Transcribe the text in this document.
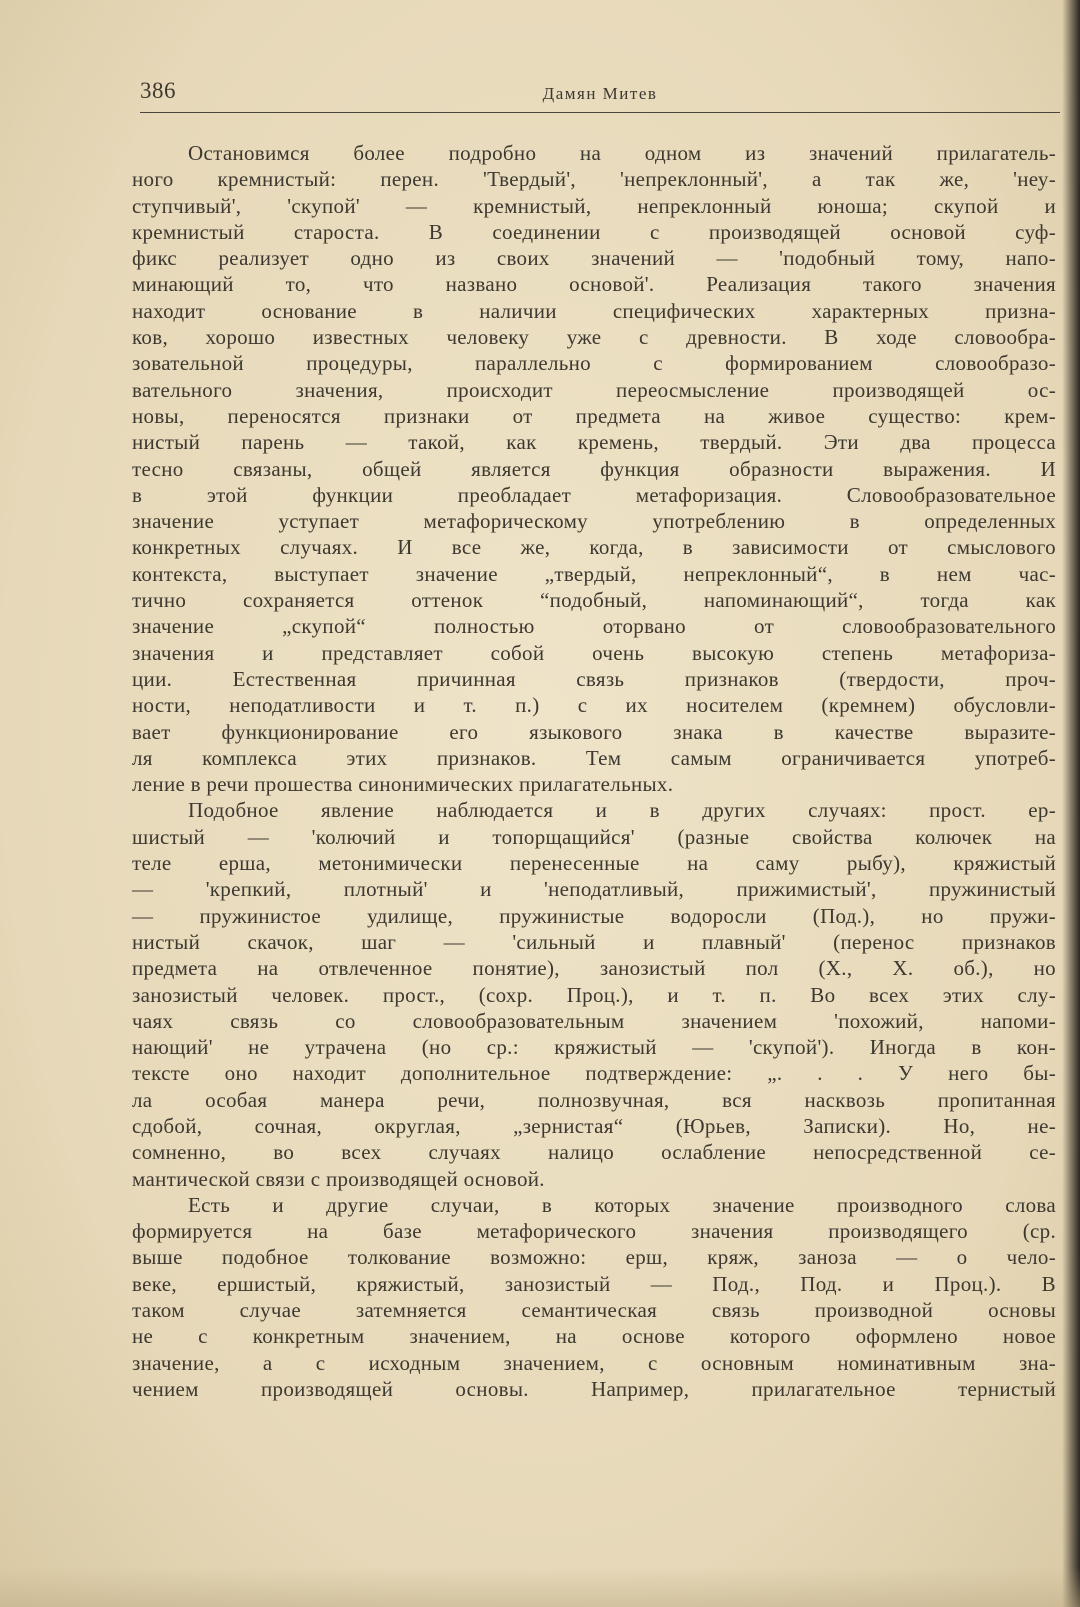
386	Дамян Митев
Остановимся более подробно на одном из значений прилагатель-
ного кремнистый: перен. 'Твердый', 'непреклонный', а так же, 'неу-
ступчивый', 'скупой' — кремнистый, непреклонный юноша; скупой и
кремнистый староста. В соединении с производящей основой суф-
фикс реализует одно из своих значений — 'подобный тому, напо-
минающий то, что названо основой'. Реализация такого значения
находит основание в наличии специфических характерных призна-
ков, хорошо известных человеку уже с древности. В ходе словообра-
зовательной процедуры, параллельно с формированием словообразо-
вательного значения, происходит переосмысление производящей ос-
новы, переносятся признаки от предмета на живое существо: крем-
нистый парень — такой, как кремень, твердый. Эти два процесса
тесно связаны, общей является функция образности выражения. И
в этой функции преобладает метафоризация. Словообразовательное
значение уступает метафорическому употреблению в определенных
конкретных случаях. И все же, когда, в зависимости от смыслового
контекста, выступает значение „твердый, непреклонный“, в нем час-
тично сохраняется оттенок “подобный, напоминающий“, тогда как
значение „скупой“ полностью оторвано от словообразовательного
значения и представляет собой очень высокую степень метафориза-
ции. Естественная причинная связь признаков (твердости, проч-
ности, неподатливости и т. п.) с их носителем (кремнем) обусловли-
вает функционирование его языкового знака в качестве выразите-
ля комплекса этих признаков. Тем самым ограничивается употреб-
ление в речи прошества синонимических прилагательных.
Подобное явление наблюдается и в других случаях: прост. ер-
шистый — 'колючий и топорщащийся' (разные свойства колючек на
теле ерша, метонимически перенесенные на саму рыбу), кряжистый
— 'крепкий, плотный' и 'неподатливый, прижимистый', пружинистый
— пружинистое удилище, пружинистые водоросли (Под.), но пружи-
нистый скачок, шаг — 'сильный и плавный' (перенос признаков
предмета на отвлеченное понятие), занозистый пол (Х., Х. об.), но
занозистый человек. прост., (сохр. Проц.), и т. п. Во всех этих слу-
чаях связь со словообразовательным значением 'похожий, напоми-
нающий' не утрачена (но ср.: кряжистый — 'скупой'). Иногда в кон-
тексте оно находит дополнительное подтверждение: „. . . У него бы-
ла особая манера речи, полнозвучная, вся насквозь пропитанная
сдобой, сочная, округлая, „зернистая“ (Юрьев, Записки). Но, не-
сомненно, во всех случаях налицо ослабление непосредственной се-
мантической связи с производящей основой.
Есть и другие случаи, в которых значение производного слова
формируется на базе метафорического значения производящего (ср.
выше подобное толкование возможно: ерш, кряж, заноза — о чело-
веке, ершистый, кряжистый, занозистый — Под., Под. и Проц.). В
таком случае затемняется семантическая связь производной основы
не с конкретным значением, на основе которого оформлено новое
значение, а с исходным значением, с основным номинативным зна-
чением производящей основы. Например, прилагательное тернистый
